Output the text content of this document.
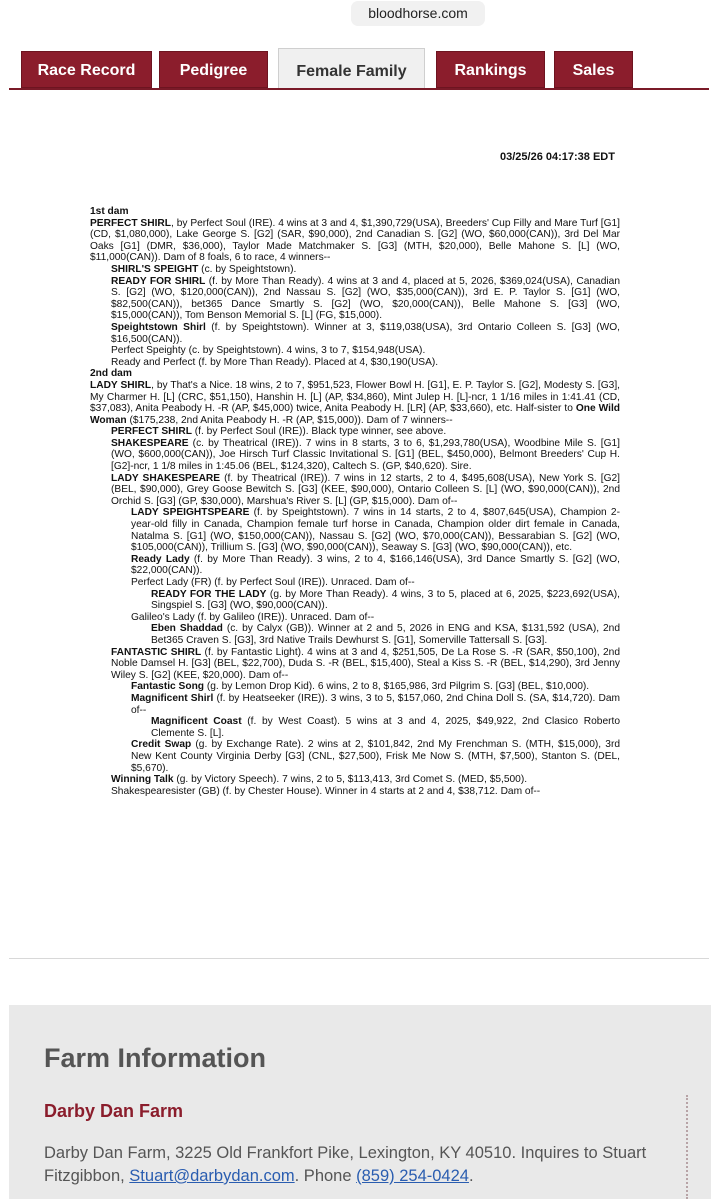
bloodhorse.com
Race Record	Pedigree	Female Family	Rankings	Sales
03/25/26 04:17:38 EDT

1st dam

PERFECT SHIRL, by Perfect Soul (IRE). 4 wins at 3 and 4, $1,390,729(USA), Breeders' Cup Filly and Mare Turf [G1] (CD, $1,080,000), Lake George S. [G2] (SAR, $90,000), 2nd Canadian S. [G2] (WO, $60,000(CAN)), 3rd Del Mar Oaks [G1] (DMR, $36,000), Taylor Made Matchmaker S. [G3] (MTH, $20,000), Belle Mahone S. [L] (WO, $11,000(CAN)). Dam of 8 foals, 6 to race, 4 winners--

SHIRL'S SPEIGHT (c. by Speightstown).

READY FOR SHIRL (f. by More Than Ready). 4 wins at 3 and 4, placed at 5, 2026, $369,024(USA), Canadian S. [G2] (WO, $120,000(CAN)), 2nd Nassau S. [G2] (WO, $35,000(CAN)), 3rd E. P. Taylor S. [G1] (WO, $82,500(CAN)), bet365 Dance Smartly S. [G2] (WO, $20,000(CAN)), Belle Mahone S. [G3] (WO, $15,000(CAN)), Tom Benson Memorial S. [L] (FG, $15,000).

Speightstown Shirl (f. by Speightstown). Winner at 3, $119,038(USA), 3rd Ontario Colleen S. [G3] (WO, $16,500(CAN)).

Perfect Speighty (c. by Speightstown). 4 wins, 3 to 7, $154,948(USA).

Ready and Perfect (f. by More Than Ready). Placed at 4, $30,190(USA).

2nd dam

LADY SHIRL, by That's a Nice. 18 wins, 2 to 7, $951,523, Flower Bowl H. [G1], E. P. Taylor S. [G2], Modesty S. [G3], My Charmer H. [L] (CRC, $51,150), Hanshin H. [L] (AP, $34,860), Mint Julep H. [L]-ncr, 1 1/16 miles in 1:41.41 (CD, $37,083), Anita Peabody H. -R (AP, $45,000) twice, Anita Peabody H. [LR] (AP, $33,660), etc. Half-sister to One Wild Woman ($175,238, 2nd Anita Peabody H. -R (AP, $15,000)). Dam of 7 winners--

PERFECT SHIRL (f. by Perfect Soul (IRE)). Black type winner, see above.

SHAKESPEARE (c. by Theatrical (IRE)). 7 wins in 8 starts, 3 to 6, $1,293,780(USA), Woodbine Mile S. [G1] (WO, $600,000(CAN)), Joe Hirsch Turf Classic Invitational S. [G1] (BEL, $450,000), Belmont Breeders' Cup H. [G2]-ncr, 1 1/8 miles in 1:45.06 (BEL, $124,320), Caltech S. (GP, $40,620). Sire.

LADY SHAKESPEARE (f. by Theatrical (IRE)). 7 wins in 12 starts, 2 to 4, $495,608(USA), New York S. [G2] (BEL, $90,000), Grey Goose Bewitch S. [G3] (KEE, $90,000), Ontario Colleen S. [L] (WO, $90,000(CAN)), 2nd Orchid S. [G3] (GP, $30,000), Marshua's River S. [L] (GP, $15,000). Dam of--

LADY SPEIGHTSPEARE (f. by Speightstown). 7 wins in 14 starts, 2 to 4, $807,645(USA), Champion 2-year-old filly in Canada, Champion female turf horse in Canada, Champion older dirt female in Canada, Natalma S. [G1] (WO, $150,000(CAN)), Nassau S. [G2] (WO, $70,000(CAN)), Bessarabian S. [G2] (WO, $105,000(CAN)), Trillium S. [G3] (WO, $90,000(CAN)), Seaway S. [G3] (WO, $90,000(CAN)), etc.

Ready Lady (f. by More Than Ready). 3 wins, 2 to 4, $166,146(USA), 3rd Dance Smartly S. [G2] (WO, $22,000(CAN)).

Perfect Lady (FR) (f. by Perfect Soul (IRE)). Unraced. Dam of--

READY FOR THE LADY (g. by More Than Ready). 4 wins, 3 to 5, placed at 6, 2025, $223,692(USA), Singspiel S. [G3] (WO, $90,000(CAN)).

Galileo's Lady (f. by Galileo (IRE)). Unraced. Dam of--

Eben Shaddad (c. by Calyx (GB)). Winner at 2 and 5, 2026 in ENG and KSA, $131,592 (USA), 2nd Bet365 Craven S. [G3], 3rd Native Trails Dewhurst S. [G1], Somerville Tattersall S. [G3].

FANTASTIC SHIRL (f. by Fantastic Light). 4 wins at 3 and 4, $251,505, De La Rose S. -R (SAR, $50,100), 2nd Noble Damsel H. [G3] (BEL, $22,700), Duda S. -R (BEL, $15,400), Steal a Kiss S. -R (BEL, $14,290), 3rd Jenny Wiley S. [G2] (KEE, $20,000). Dam of--

Fantastic Song (g. by Lemon Drop Kid). 6 wins, 2 to 8, $165,986, 3rd Pilgrim S. [G3] (BEL, $10,000).

Magnificent Shirl (f. by Heatseeker (IRE)). 3 wins, 3 to 5, $157,060, 2nd China Doll S. (SA, $14,720). Dam of--

Magnificent Coast (f. by West Coast). 5 wins at 3 and 4, 2025, $49,922, 2nd Clasico Roberto Clemente S. [L].

Credit Swap (g. by Exchange Rate). 2 wins at 2, $101,842, 2nd My Frenchman S. (MTH, $15,000), 3rd New Kent County Virginia Derby [G3] (CNL, $27,500), Frisk Me Now S. (MTH, $7,500), Stanton S. (DEL, $5,670).

Winning Talk (g. by Victory Speech). 7 wins, 2 to 5, $113,413, 3rd Comet S. (MED, $5,500).

Shakespearesister (GB) (f. by Chester House). Winner in 4 starts at 2 and 4, $38,712. Dam of--

Farm Information
Darby Dan Farm
Darby Dan Farm, 3225 Old Frankfort Pike, Lexington, KY 40510. Inquires to Stuart Fitzgibbon, Stuart@darbydan.com. Phone (859) 254-0424.
